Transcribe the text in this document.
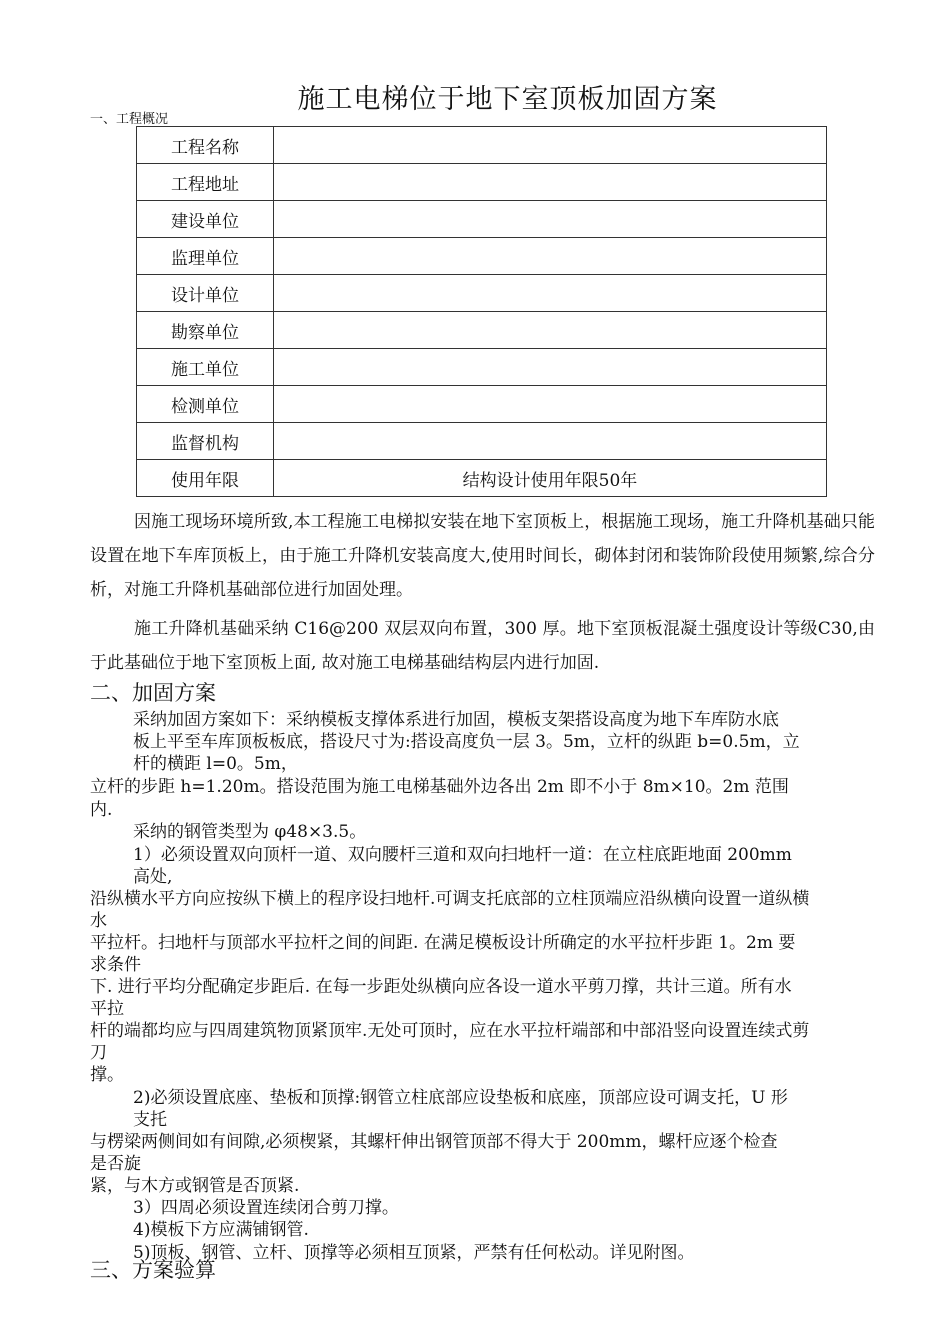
施工电梯位于地下室顶板加固方案
一、工程概况
工程名称	
工程地址	
建设单位	
监理单位	
设计单位	
勘察单位	
施工单位	
检测单位	
监督机构	
使用年限	结构设计使用年限50年
因施工现场环境所致,本工程施工电梯拟安装在地下室顶板上，根据施工现场，施工升降机基础只能设置在地下车库顶板上，由于施工升降机安装高度大,使用时间长，砌体封闭和装饰阶段使用频繁,综合分析，对施工升降机基础部位进行加固处理。
施工升降机基础采纳 C16@200 双层双向布置，300 厚。地下室顶板混凝土强度设计等级C30,由于此基础位于地下室顶板上面, 故对施工电梯基础结构层内进行加固.
二、加固方案
采纳加固方案如下：采纳模板支撑体系进行加固，模板支架搭设高度为地下车库防水底
板上平至车库顶板板底，搭设尺寸为:搭设高度负一层 3。5m，立杆的纵距 b=0.5m，立
杆的横距 l=0。5m，
立杆的步距 h=1.20m。搭设范围为施工电梯基础外边各出 2m 即不小于 8m×10。2m 范围
内.
采纳的钢管类型为 φ48×3.5。
1）必须设置双向顶杆一道、双向腰杆三道和双向扫地杆一道：在立柱底距地面 200mm
高处,
沿纵横水平方向应按纵下横上的程序设扫地杆.可调支托底部的立柱顶端应沿纵横向设置一道纵横
水
平拉杆。扫地杆与顶部水平拉杆之间的间距. 在满足模板设计所确定的水平拉杆步距 1。2m 要
求条件
下. 进行平均分配确定步距后. 在每一步距处纵横向应各设一道水平剪刀撑，共计三道。所有水
平拉
杆的端都均应与四周建筑物顶紧顶牢.无处可顶时，应在水平拉杆端部和中部沿竖向设置连续式剪
刀
撑。
2)必须设置底座、垫板和顶撑:钢管立柱底部应设垫板和底座，顶部应设可调支托，U 形
支托
与楞梁两侧间如有间隙,必须楔紧，其螺杆伸出钢管顶部不得大于 200mm，螺杆应逐个检查
是否旋
紧，与木方或钢管是否顶紧.
3）四周必须设置连续闭合剪刀撑。
4)模板下方应满铺钢管.
5)顶板、钢管、立杆、顶撑等必须相互顶紧，严禁有任何松动。详见附图。
三、方案验算
